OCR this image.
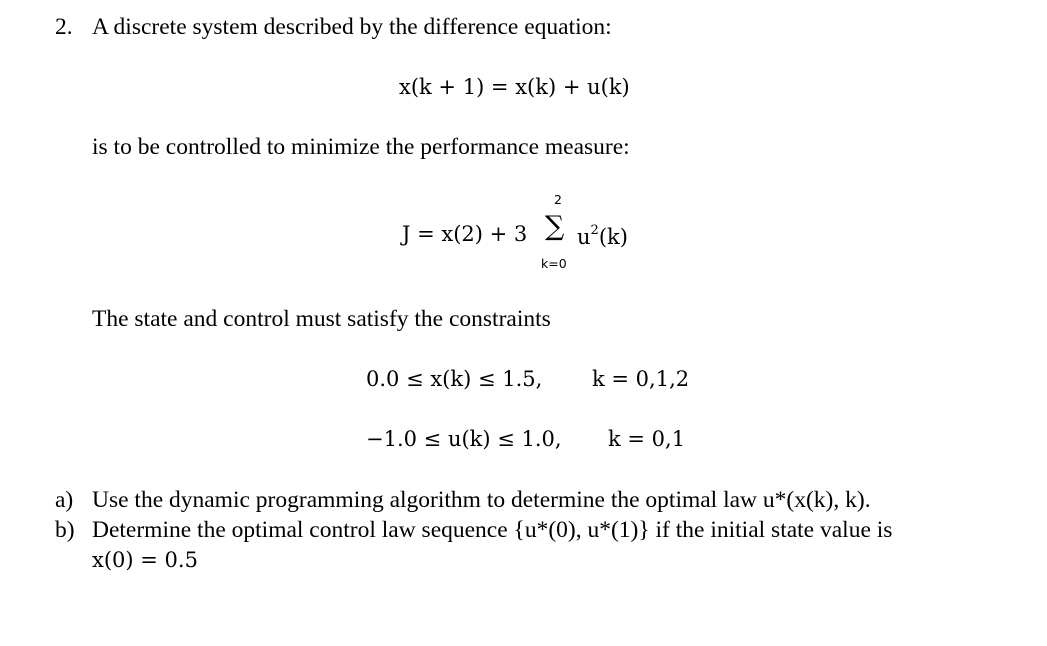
2. A discrete system described by the difference equation:
x(k + 1) = x(k) + u(k)
is to be controlled to minimize the performance measure:
J = x(2) + 3
2
∑
k=0
$u^2(k)$
The state and control must satisfy the constraints
0.0 ≤ x(k) ≤ 1.5, k = 0,1,2
−1.0 ≤ u(k) ≤ 1.0, k = 0,1
a) Use the dynamic programming algorithm to determine the optimal law u*(x(k), k).
b) Determine the optimal control law sequence {u*(0), u*(1)} if the initial state value is
x(0) = 0.5
